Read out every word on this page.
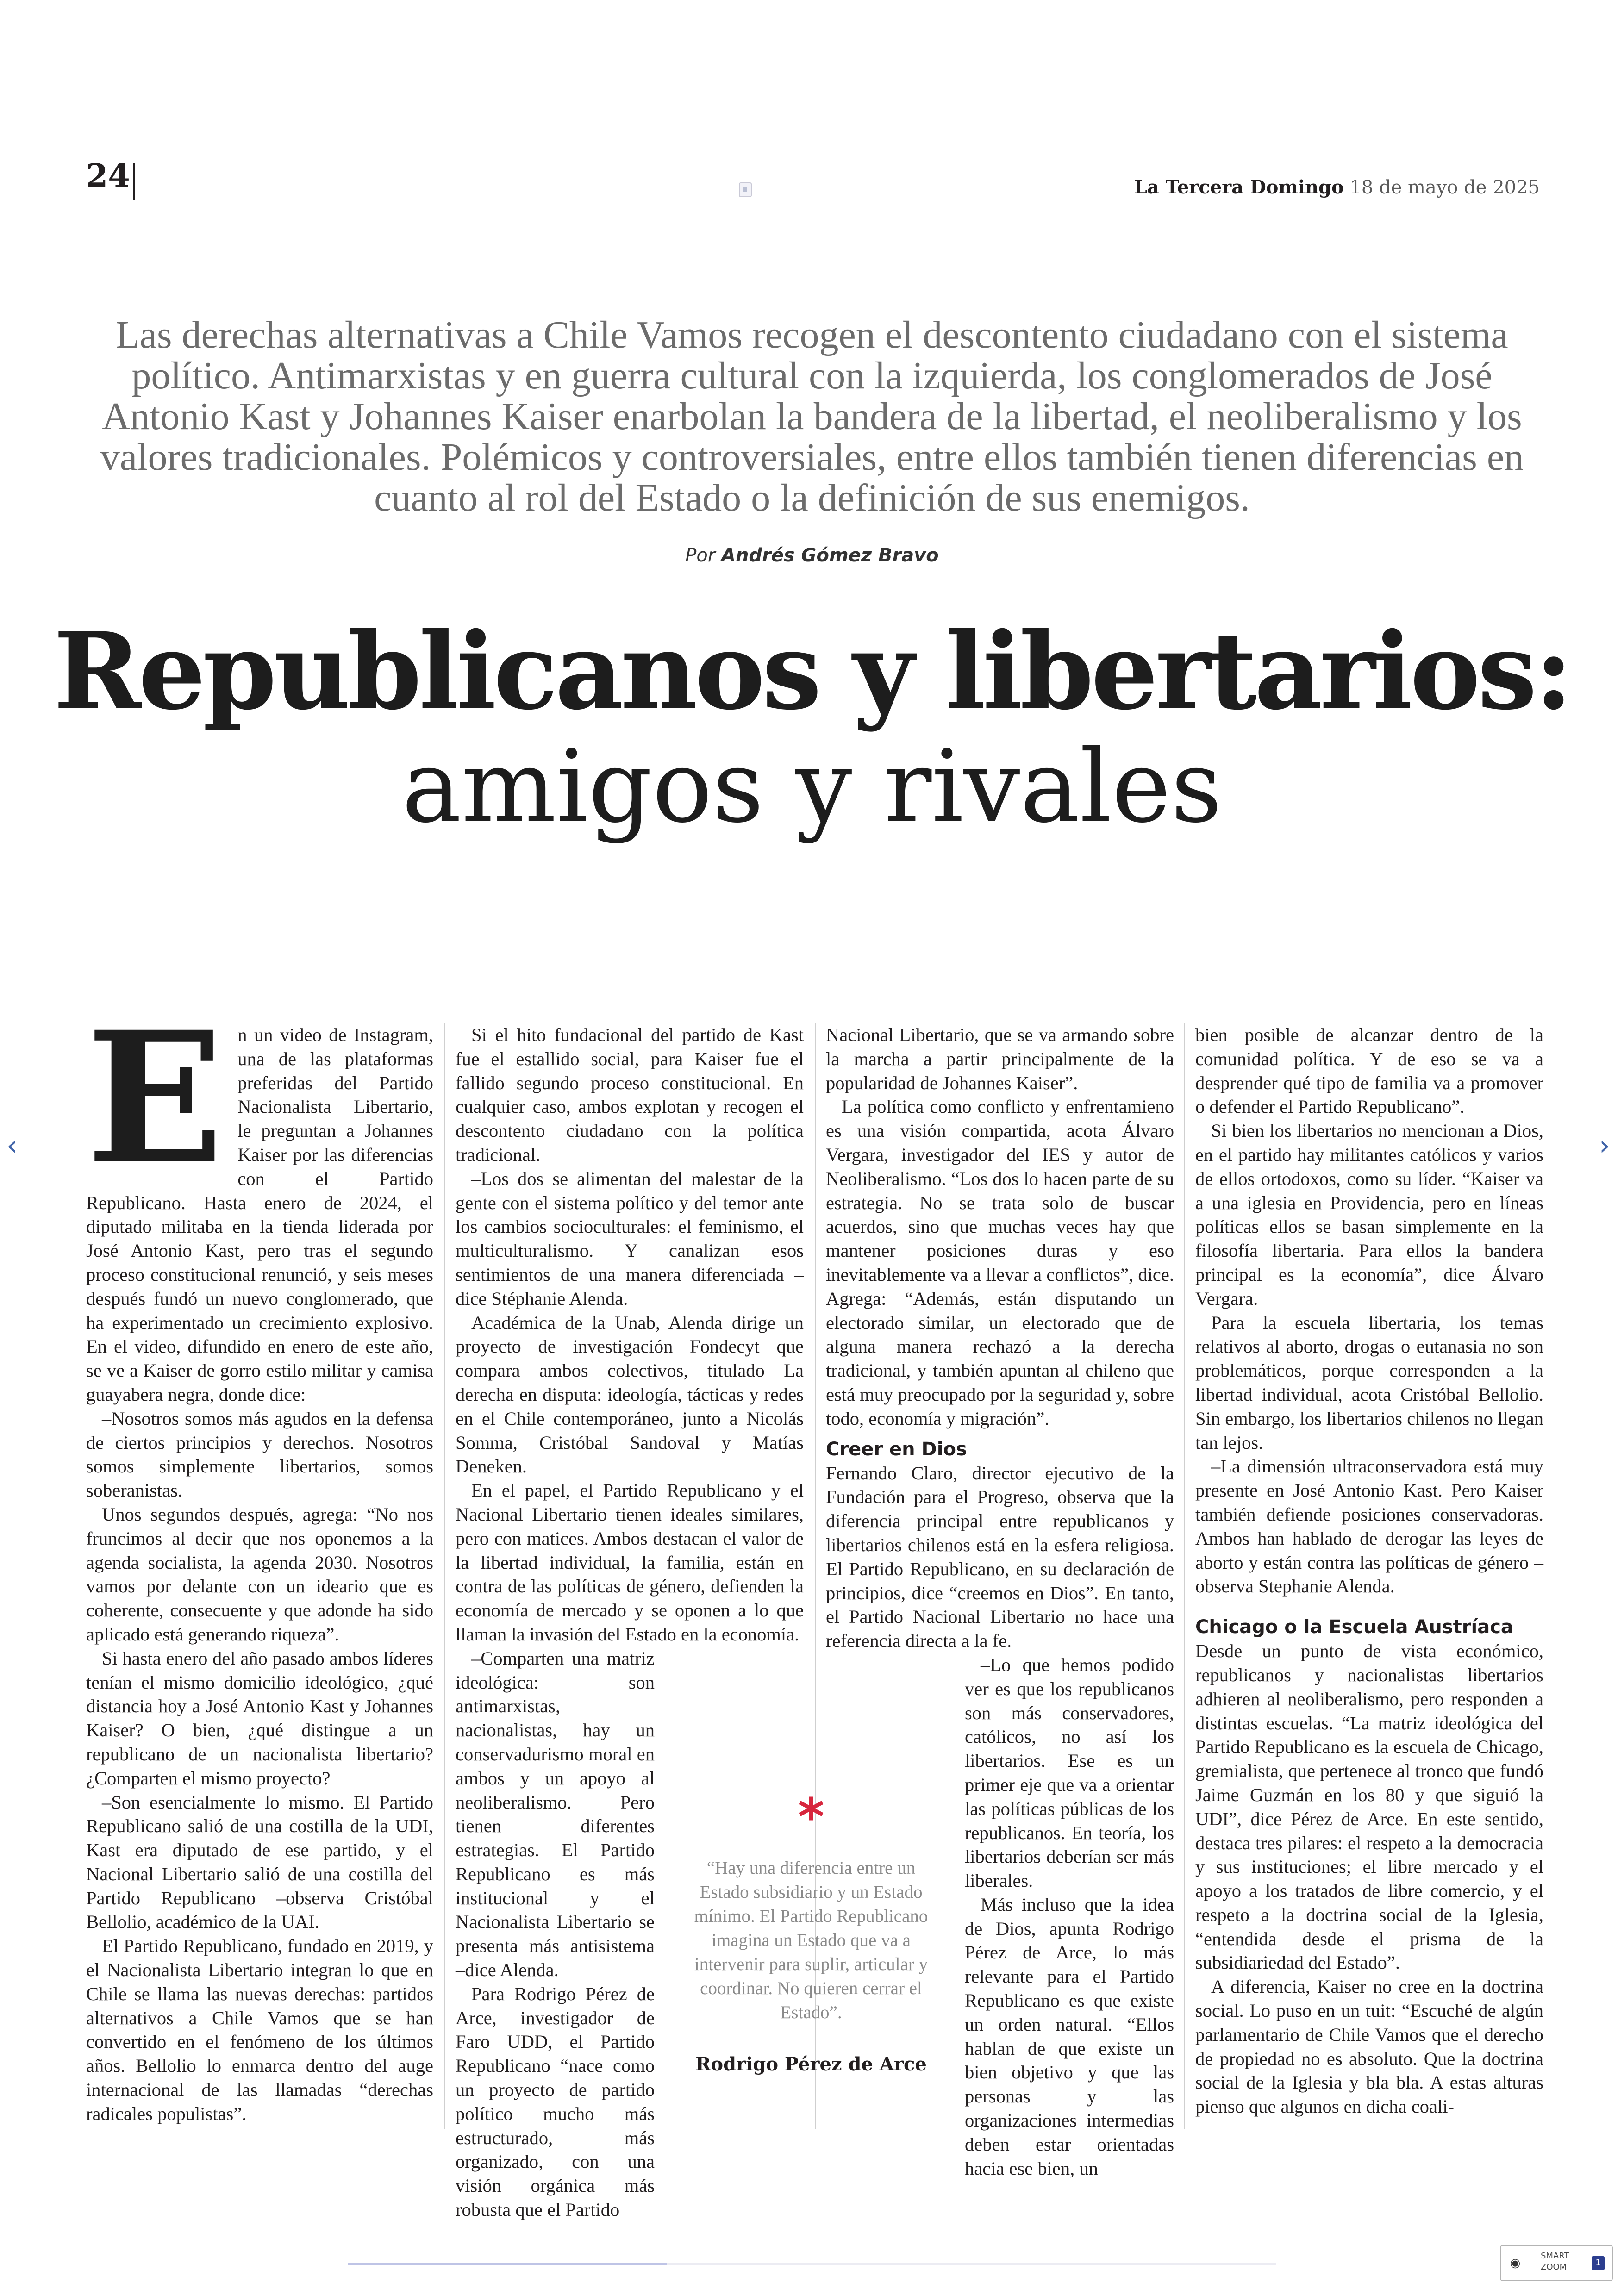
24	La Tercera Domingo 18 de mayo de 2025
Las derechas alternativas a Chile Vamos recogen el descontento ciudadano con el sistema político. Antimarxistas y en guerra cultural con la izquierda, los conglomerados de José Antonio Kast y Johannes Kaiser enarbolan la bandera de la libertad, el neoliberalismo y los valores tradicionales. Polémicos y controversiales, entre ellos también tienen diferencias en cuanto al rol del Estado o la definición de sus enemigos.
Por Andrés Gómez Bravo
Republicanos y libertarios:
amigos y rivales
E n un video de Instagram, una de las plataformas preferidas del Partido Nacionalista Libertario, le preguntan a Johannes Kaiser por las diferencias con el Partido Republicano. Hasta enero de 2024, el diputado militaba en la tienda liderada por José Antonio Kast, pero tras el segundo proceso constitucional renunció, y seis meses después fundó un nuevo conglomerado, que ha experimentado un crecimiento explosivo. En el video, difundido en enero de este año, se ve a Kaiser de gorro estilo militar y camisa guayabera negra, donde dice:

–Nosotros somos más agudos en la defensa de ciertos principios y derechos. Nosotros somos simplemente libertarios, somos soberanistas.

Unos segundos después, agrega: “No nos fruncimos al decir que nos oponemos a la agenda socialista, la agenda 2030. Nosotros vamos por delante con un ideario que es coherente, consecuente y que adonde ha sido aplicado está generando riqueza”.

Si hasta enero del año pasado ambos líderes tenían el mismo domicilio ideológico, ¿qué distancia hoy a José Antonio Kast y Johannes Kaiser? O bien, ¿qué distingue a un republicano de un nacionalista libertario? ¿Comparten el mismo proyecto?

–Son esencialmente lo mismo. El Partido Republicano salió de una costilla de la UDI, Kast era diputado de ese partido, y el Nacional Libertario salió de una costilla del Partido Republicano –observa Cristóbal Bellolio, académico de la UAI.

El Partido Republicano, fundado en 2019, y el Nacionalista Libertario integran lo que en Chile se llama las nuevas derechas: partidos alternativos a Chile Vamos que se han convertido en el fenómeno de los últimos años. Bellolio lo enmarca dentro del auge internacional de las llamadas “derechas radicales populistas”.

Si el hito fundacional del partido de Kast fue el estallido social, para Kaiser fue el fallido segundo proceso constitucional. En cualquier caso, ambos explotan y recogen el descontento ciudadano con la política tradicional.

–Los dos se alimentan del malestar de la gente con el sistema político y del temor ante los cambios socioculturales: el feminismo, el multiculturalismo. Y canalizan esos sentimientos de una manera diferenciada –dice Stéphanie Alenda.

Académica de la Unab, Alenda dirige un proyecto de investigación Fondecyt que compara ambos colectivos, titulado La derecha en disputa: ideología, tácticas y redes en el Chile contemporáneo, junto a Nicolás Somma, Cristóbal Sandoval y Matías Deneken.

En el papel, el Partido Republicano y el Nacional Libertario tienen ideales similares, pero con matices. Ambos destacan el valor de la libertad individual, la familia, están en contra de las políticas de género, defienden la economía de mercado y se oponen a lo que llaman la invasión del Estado en la economía.

–Comparten una matriz ideológica: son antimarxistas, nacionalistas, hay un conservadurismo moral en ambos y un apoyo al neoliberalismo. Pero tienen diferentes estrategias. El Partido Republicano es más institucional y el Nacionalista Libertario se presenta más antisistema –dice Alenda.

Para Rodrigo Pérez de Arce, investigador de Faro UDD, el Partido Republicano “nace como un proyecto de partido político mucho más estructurado, más organizado, con una visión orgánica más robusta que el Partido

Nacional Libertario, que se va armando sobre la marcha a partir principalmente de la popularidad de Johannes Kaiser”.

La política como conflicto y enfrentamieno es una visión compartida, acota Álvaro Vergara, investigador del IES y autor de Neoliberalismo. “Los dos lo hacen parte de su estrategia. No se trata solo de buscar acuerdos, sino que muchas veces hay que mantener posiciones duras y eso inevitablemente va a llevar a conflictos”, dice. Agrega: “Además, están disputando un electorado similar, un electorado que de alguna manera rechazó a la derecha tradicional, y también apuntan al chileno que está muy preocupado por la seguridad y, sobre todo, economía y migración”.

Creer en Dios

Fernando Claro, director ejecutivo de la Fundación para el Progreso, observa que la diferencia principal entre republicanos y libertarios chilenos está en la esfera religiosa. El Partido Republicano, en su declaración de principios, dice “creemos en Dios”. En tanto, el Partido Nacional Libertario no hace una referencia directa a la fe.

–Lo que hemos podido ver es que los republicanos son más conservadores, católicos, no así los libertarios. Ese es un primer eje que va a orientar las políticas públicas de los republicanos. En teoría, los libertarios deberían ser más liberales.

Más incluso que la idea de Dios, apunta Rodrigo Pérez de Arce, lo más relevante para el Partido Republicano es que existe un orden natural. “Ellos hablan de que existe un bien objetivo y que las personas y las organizaciones intermedias deben estar orientadas hacia ese bien, un

bien posible de alcanzar dentro de la comunidad política. Y de eso se va a desprender qué tipo de familia va a promover o defender el Partido Republicano”.

Si bien los libertarios no mencionan a Dios, en el partido hay militantes católicos y varios de ellos ortodoxos, como su líder. “Kaiser va a una iglesia en Providencia, pero en líneas políticas ellos se basan simplemente en la filosofía libertaria. Para ellos la bandera principal es la economía”, dice Álvaro Vergara.

Para la escuela libertaria, los temas relativos al aborto, drogas o eutanasia no son problemáticos, porque corresponden a la libertad individual, acota Cristóbal Bellolio. Sin embargo, los libertarios chilenos no llegan tan lejos.

–La dimensión ultraconservadora está muy presente en José Antonio Kast. Pero Kaiser también defiende posiciones conservadoras. Ambos han hablado de derogar las leyes de aborto y están contra las políticas de género –observa Stephanie Alenda.

Chicago o la Escuela Austríaca

Desde un punto de vista económico, republicanos y nacionalistas libertarios adhieren al neoliberalismo, pero responden a distintas escuelas. “La matriz ideológica del Partido Republicano es la escuela de Chicago, gremialista, que pertenece al tronco que fundó Jaime Guzmán en los 80 y que siguió la UDI”, dice Pérez de Arce. En este sentido, destaca tres pilares: el respeto a la democracia y sus instituciones; el libre mercado y el apoyo a los tratados de libre comercio, y el respeto a la doctrina social de la Iglesia, “entendida desde el prisma de la subsidiariedad del Estado”.

A diferencia, Kaiser no cree en la doctrina social. Lo puso en un tuit: “Escuché de algún parlamentario de Chile Vamos que el derecho de propiedad no es absoluto. Que la doctrina social de la Iglesia y bla bla. A estas alturas pienso que algunos en dicha coali-

*
“Hay una diferencia entre un Estado subsidiario y un Estado mínimo. El Partido Republicano imagina un Estado que va a intervenir para suplir, articular y coordinar. No quieren cerrar el Estado”.
Rodrigo Pérez de Arce
‹	›
◉
SMART
ZOOM	1
